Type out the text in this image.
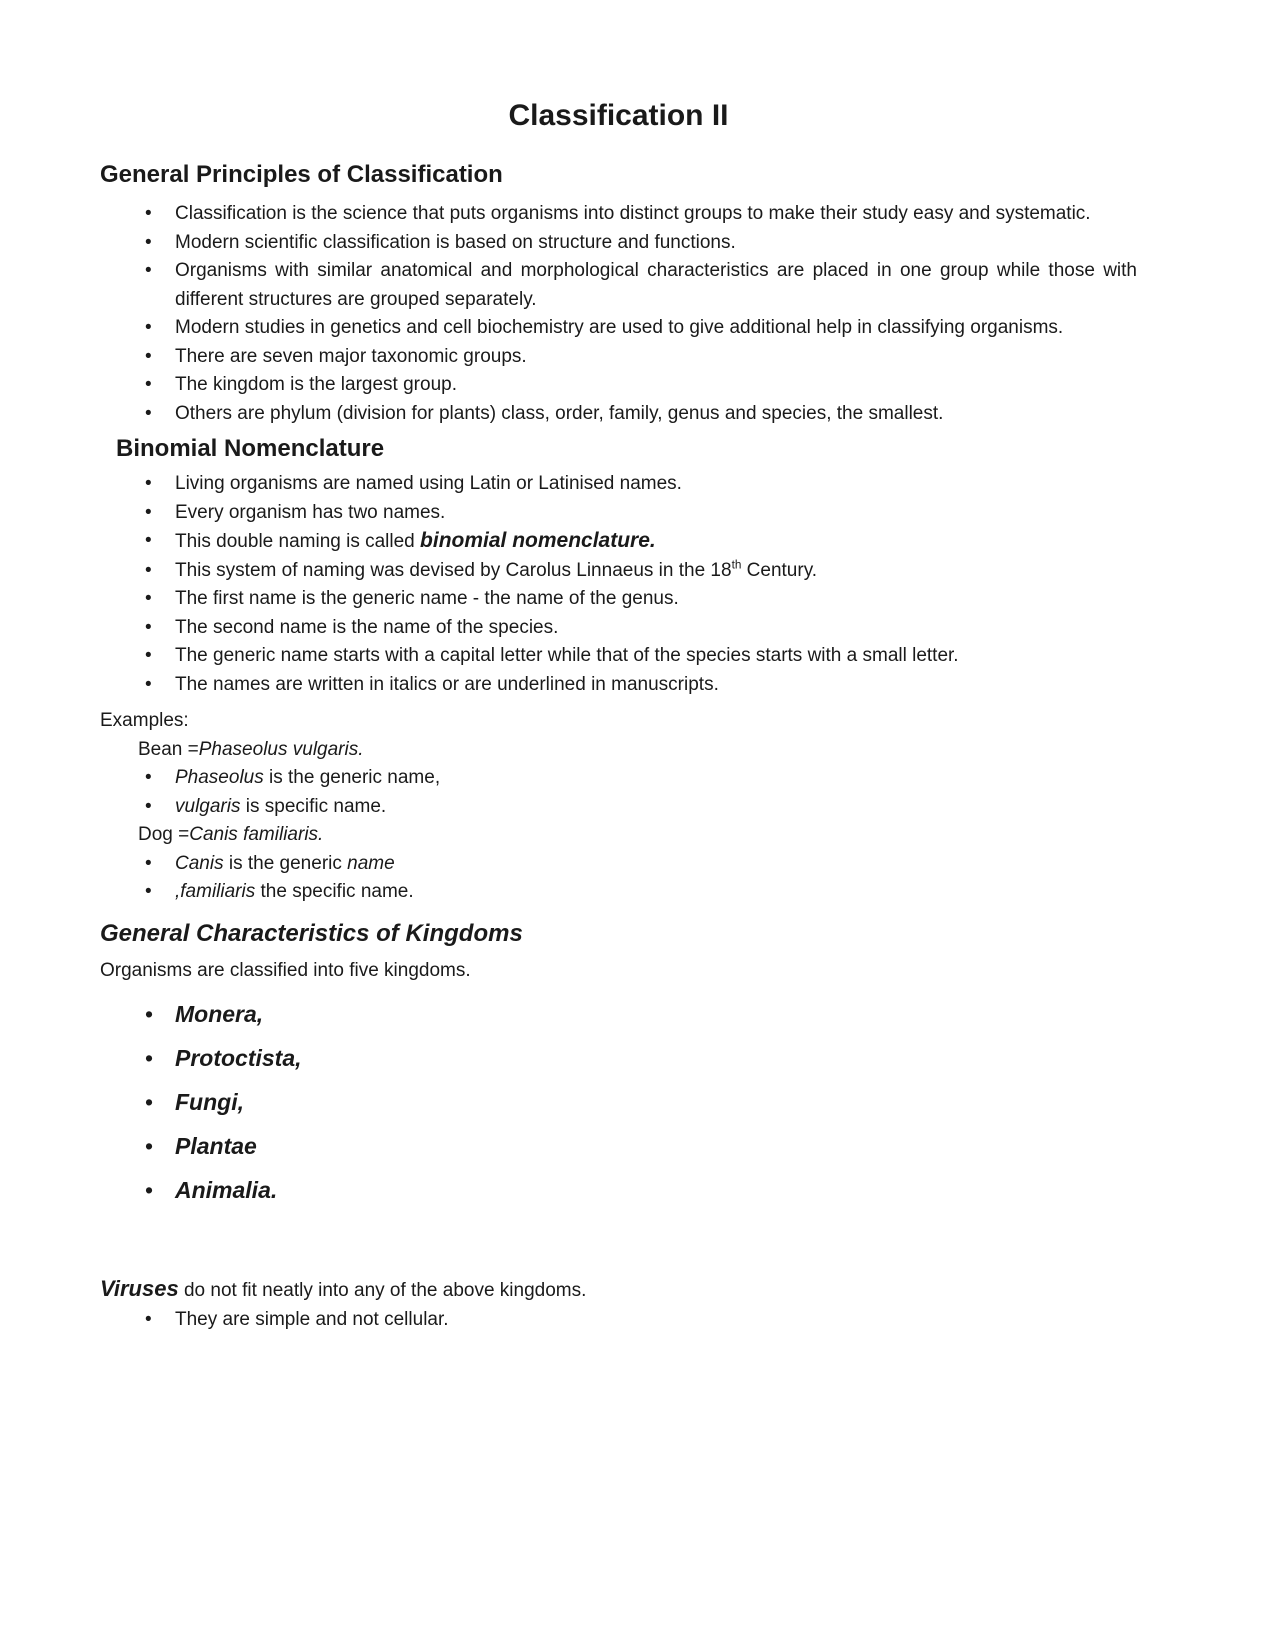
Classification II
General Principles of Classification
•
Classification is the science that puts organisms into distinct groups to make their study easy and systematic.
•
Modern scientific classification is based on structure and functions.
•
Organisms with similar anatomical and morphological characteristics are placed in one group while those with different structures are grouped separately.
•
Modern studies in genetics and cell biochemistry are used to give additional help in classifying organisms.
•
There are seven major taxonomic groups.
•
The kingdom is the largest group.
•
Others are phylum (division for plants) class, order, family, genus and species, the smallest.
Binomial Nomenclature
•
Living organisms are named using Latin or Latinised names.
•
Every organism has two names.
•
This double naming is called binomial nomenclature.
•
This system of naming was devised by Carolus Linnaeus in the 18th Century.
•
The first name is the generic name - the name of the genus.
•
The second name is the name of the species.
•
The generic name starts with a capital letter while that of the species starts with a small letter.
•
The names are written in italics or are underlined in manuscripts.

Examples:

Bean =Phaseolus vulgaris.

•
Phaseolus is the generic name,
•
vulgaris is specific name.

Dog =Canis familiaris.

•
Canis is the generic name
•
,familiaris the specific name.
General Characteristics of Kingdoms

Organisms are classified into five kingdoms.

•
Monera,
•
Protoctista,
•
Fungi,
•
Plantae
•
Animalia.

Viruses do not fit neatly into any of the above kingdoms.

•
They are simple and not cellular.
